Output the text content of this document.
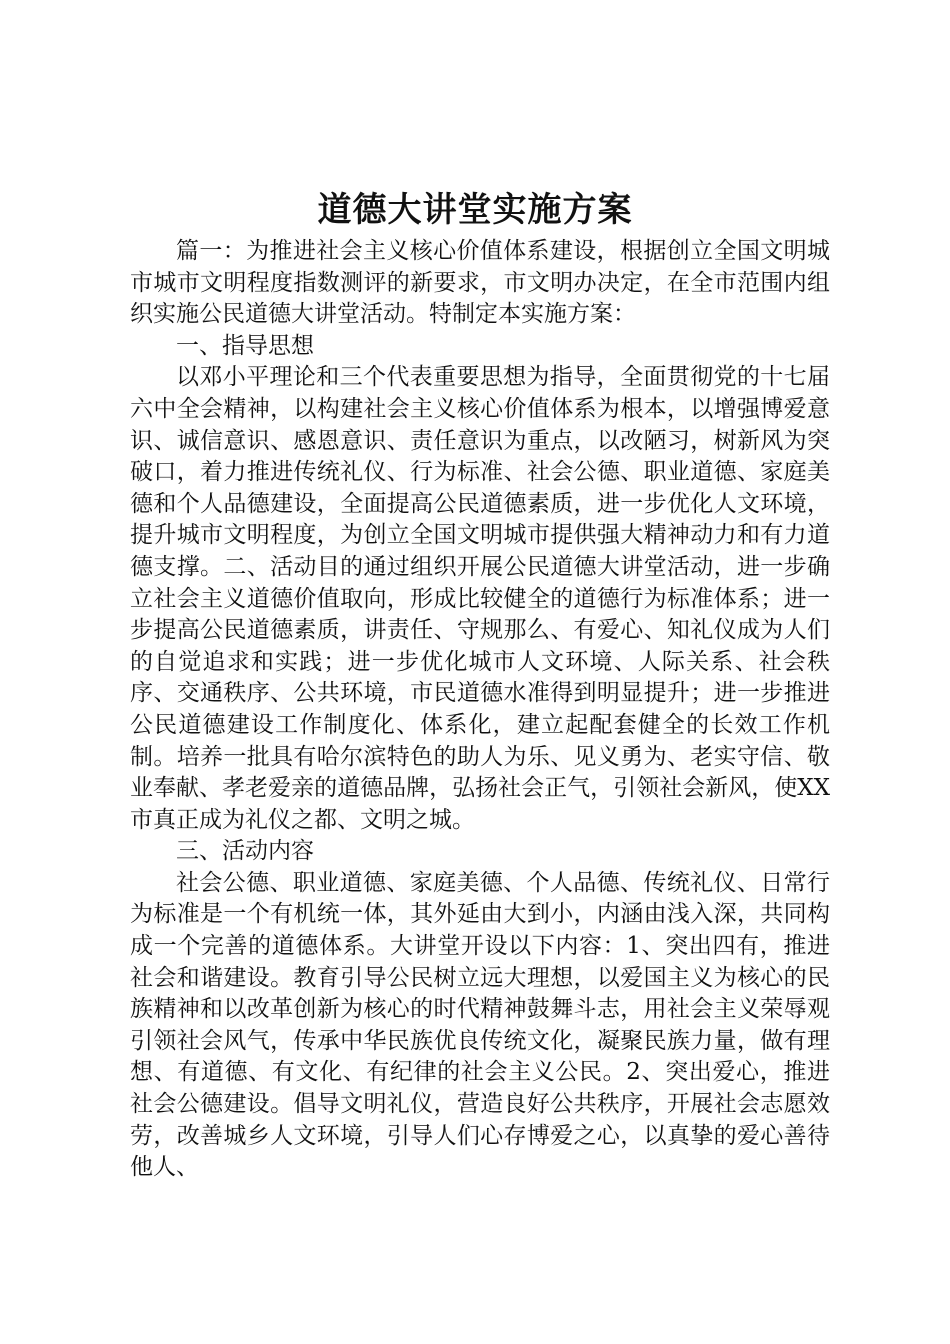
道德大讲堂实施方案

篇一：为推进社会主义核心价值体系建设，根据创立全国文明城市城市文明程度指数测评的新要求，市文明办决定，在全市范围内组织实施公民道德大讲堂活动。特制定本实施方案：

一、指导思想

以邓小平理论和三个代表重要思想为指导，全面贯彻党的十七届六中全会精神，以构建社会主义核心价值体系为根本，以增强博爱意识、诚信意识、感恩意识、责任意识为重点，以改陋习，树新风为突破口，着力推进传统礼仪、行为标准、社会公德、职业道德、家庭美德和个人品德建设，全面提高公民道德素质，进一步优化人文环境，提升城市文明程度，为创立全国文明城市提供强大精神动力和有力道德支撑。二、活动目的通过组织开展公民道德大讲堂活动，进一步确立社会主义道德价值取向，形成比较健全的道德行为标准体系；进一步提高公民道德素质，讲责任、守规那么、有爱心、知礼仪成为人们的自觉追求和实践；进一步优化城市人文环境、人际关系、社会秩序、交通秩序、公共环境，市民道德水准得到明显提升；进一步推进公民道德建设工作制度化、体系化，建立起配套健全的长效工作机制。培养一批具有哈尔滨特色的助人为乐、见义勇为、老实守信、敬业奉献、孝老爱亲的道德品牌，弘扬社会正气，引领社会新风，使XX市真正成为礼仪之都、文明之城。

三、活动内容

社会公德、职业道德、家庭美德、个人品德、传统礼仪、日常行为标准是一个有机统一体，其外延由大到小，内涵由浅入深，共同构成一个完善的道德体系。大讲堂开设以下内容：1、突出四有，推进社会和谐建设。教育引导公民树立远大理想，以爱国主义为核心的民族精神和以改革创新为核心的时代精神鼓舞斗志，用社会主义荣辱观引领社会风气，传承中华民族优良传统文化，凝聚民族力量，做有理想、有道德、有文化、有纪律的社会主义公民。2、突出爱心，推进社会公德建设。倡导文明礼仪，营造良好公共秩序，开展社会志愿效劳，改善城乡人文环境，引导人们心存博爱之心，以真挚的爱心善待他人、
